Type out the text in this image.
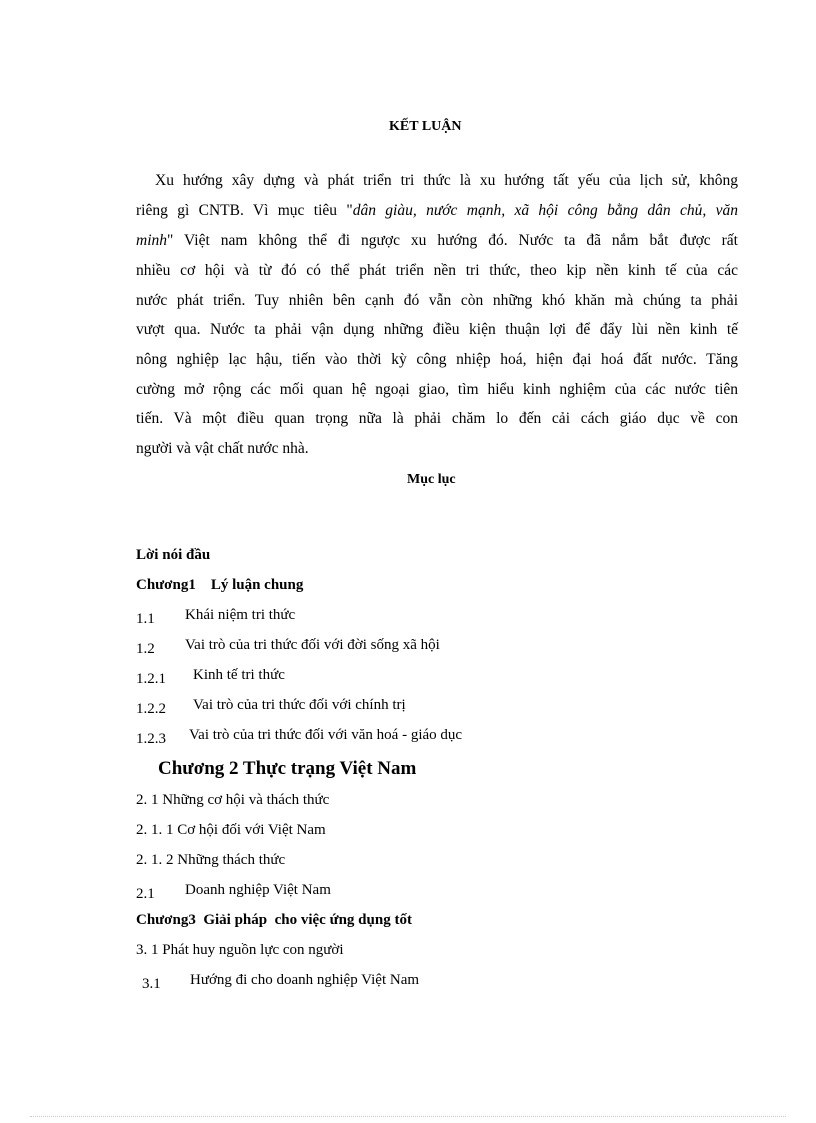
KẾT LUẬN
Xu hướng xây dựng và phát triển tri thức là xu hướng tất yếu của lịch sử, không
riêng gì CNTB. Vì mục tiêu "dân giàu, nước mạnh, xã hội công bằng dân chủ, văn
minh" Việt nam không thể đi ngược xu hướng đó. Nước ta đã nắm bắt được rất
nhiều cơ hội và từ đó có thể phát triển nền tri thức, theo kịp nền kinh tế của các
nước phát triển. Tuy nhiên bên cạnh đó vẫn còn những khó khăn mà chúng ta phải
vượt qua. Nước ta phải vận dụng những điều kiện thuận lợi để đẩy lùi nền kinh tế
nông nghiệp lạc hậu, tiến vào thời kỳ công nhiệp hoá, hiện đại hoá đất nước. Tăng
cường mở rộng các mối quan hệ ngoại giao, tìm hiểu kinh nghiệm của các nước tiên
tiến. Và một điều quan trọng nữa là phải chăm lo đến cải cách giáo dục về con
người và vật chất nước nhà.
Mục lục
Lời nói đầu
Chương1    Lý luận chung
1.1 Khái niệm tri thức
1.2 Vai trò của tri thức đối với đời sống xã hội
1.2.1 Kinh tế tri thức
1.2.2 Vai trò của tri thức đối với chính trị
1.2.3 Vai trò của tri thức đối với văn hoá - giáo dục
Chương 2 Thực trạng Việt Nam
2. 1 Những cơ hội và thách thức
2. 1. 1 Cơ hội đối với Việt Nam
2. 1. 2 Những thách thức
2.1 Doanh nghiệp Việt Nam
Chương3  Giải pháp  cho việc ứng dụng tốt
3. 1 Phát huy nguồn lực con người
3.1 Hướng đi cho doanh nghiệp Việt Nam
